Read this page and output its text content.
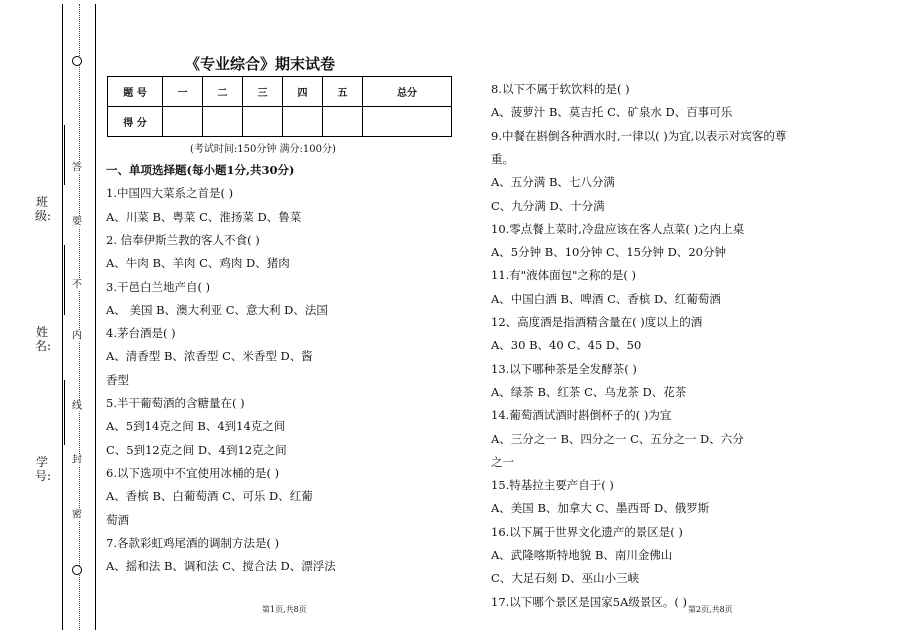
答
要
不
内
线
封
密
班级:
姓名:
学号:
《专业综合》期末试卷
题 号	一	二	三	四	五	总分
得 分						
(考试时间:150分钟 满分:100分)
一、单项选择题(每小题1分,共30分)
1.中国四大菜系之首是( )
A、川菜 B、粤菜 C、淮扬菜 D、鲁菜
2. 信奉伊斯兰教的客人不食( )
A、牛肉 B、羊肉 C、鸡肉 D、猪肉
3.干邑白兰地产自( )
A、 美国 B、澳大利亚 C、意大利 D、法国
4.茅台酒是( )
A、清香型 B、浓香型 C、米香型 D、酱
香型
5.半干葡萄酒的含糖量在( )
A、5到14克之间 B、4到14克之间
C、5到12克之间 D、4到12克之间
6.以下选项中不宜使用冰桶的是( )
A、香槟 B、白葡萄酒 C、可乐 D、红葡
萄酒
7.各款彩虹鸡尾酒的调制方法是( )
A、摇和法 B、调和法 C、搅合法 D、漂浮法
8.以下不属于软饮料的是( )
A、菠萝汁 B、莫吉托 C、矿泉水 D、百事可乐
9.中餐在斟倒各种酒水时,一律以( )为宜,以表示对宾客的尊
重。
A、五分满 B、七八分满
C、九分满 D、十分满
10.零点餐上菜时,冷盘应该在客人点菜( )之内上桌
A、5分钟 B、10分钟 C、15分钟 D、20分钟
11.有"液体面包"之称的是( )
A、中国白酒 B、啤酒 C、香槟 D、红葡萄酒
12、高度酒是指酒精含量在( )度以上的酒
A、30 B、40 C、45 D、50
13.以下哪种茶是全发酵茶( )
A、绿茶 B、红茶 C、乌龙茶 D、花茶
14.葡萄酒试酒时斟倒杯子的( )为宜
A、三分之一 B、四分之一 C、五分之一 D、六分
之一
15.特基拉主要产自于( )
A、美国 B、加拿大 C、墨西哥 D、俄罗斯
16.以下属于世界文化遗产的景区是( )
A、武隆喀斯特地貌 B、南川金佛山
C、大足石刻 D、巫山小三峡
17.以下哪个景区是国家5A级景区。( )
第1页,共8页	第2页,共8页
